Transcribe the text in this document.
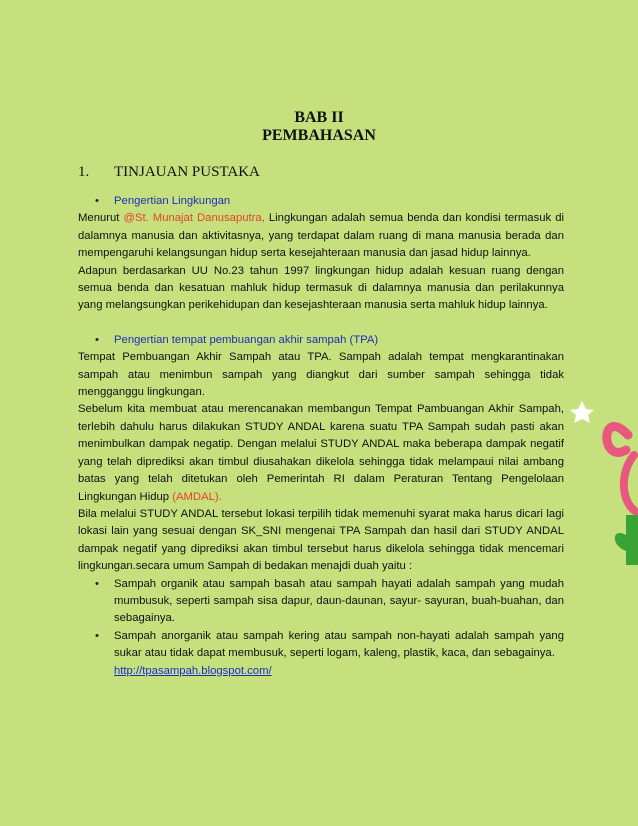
BAB II
PEMBAHASAN
1. TINJAUAN PUSTAKA

• Pengertian Lingkungan

Menurut @St. Munajat Danusaputra, Lingkungan adalah semua benda dan kondisi termasuk di dalamnya manusia dan aktivitasnya, yang terdapat dalam ruang di mana manusia berada dan mempengaruhi kelangsungan hidup serta kesejahteraan manusia dan jasad hidup lainnya.

Adapun berdasarkan UU No.23 tahun 1997 lingkungan hidup adalah kesuan ruang dengan semua benda dan kesatuan mahluk hidup termasuk di dalamnya manusia dan perilakunnya yang melangsungkan perikehidupan dan kesejashteraan manusia serta mahluk hidup lainnya.

• Pengertian tempat pembuangan akhir sampah (TPA)

Tempat Pembuangan Akhir Sampah atau TPA. Sampah adalah tempat mengkarantinakan sampah atau menimbun sampah yang diangkut dari sumber sampah sehingga tidak mengganggu lingkungan.

Sebelum kita membuat atau merencanakan membangun Tempat Pambuangan Akhir Sampah, terlebih dahulu harus dilakukan STUDY ANDAL karena suatu TPA Sampah sudah pasti akan menimbulkan dampak negatip. Dengan melalui STUDY ANDAL maka beberapa dampak negatif yang telah diprediksi akan timbul diusahakan dikelola sehingga tidak melampaui nilai ambang batas yang telah ditetukan oleh Pemerintah RI dalam Peraturan Tentang Pengelolaan Lingkungan Hidup (AMDAL).

Bila melalui STUDY ANDAL tersebut lokasi terpilih tidak memenuhi syarat maka harus dicari lagi lokasi lain yang sesuai dengan SK_SNI mengenai TPA Sampah dan hasil dari STUDY ANDAL dampak negatif yang diprediksi akan timbul tersebut harus dikelola sehingga tidak mencemari lingkungan.secara umum Sampah di bedakan menajdi duah yaitu :

• Sampah organik atau sampah basah atau sampah hayati adalah sampah yang mudah mumbusuk, seperti sampah sisa dapur, daun-daunan, sayur- sayuran, buah-buahan, dan sebagainya.
• Sampah anorganik atau sampah kering atau sampah non-hayati adalah sampah yang sukar atau tidak dapat membusuk, seperti logam, kaleng, plastik, kaca, dan sebagainya.
http://tpasampah.blogspot.com/
